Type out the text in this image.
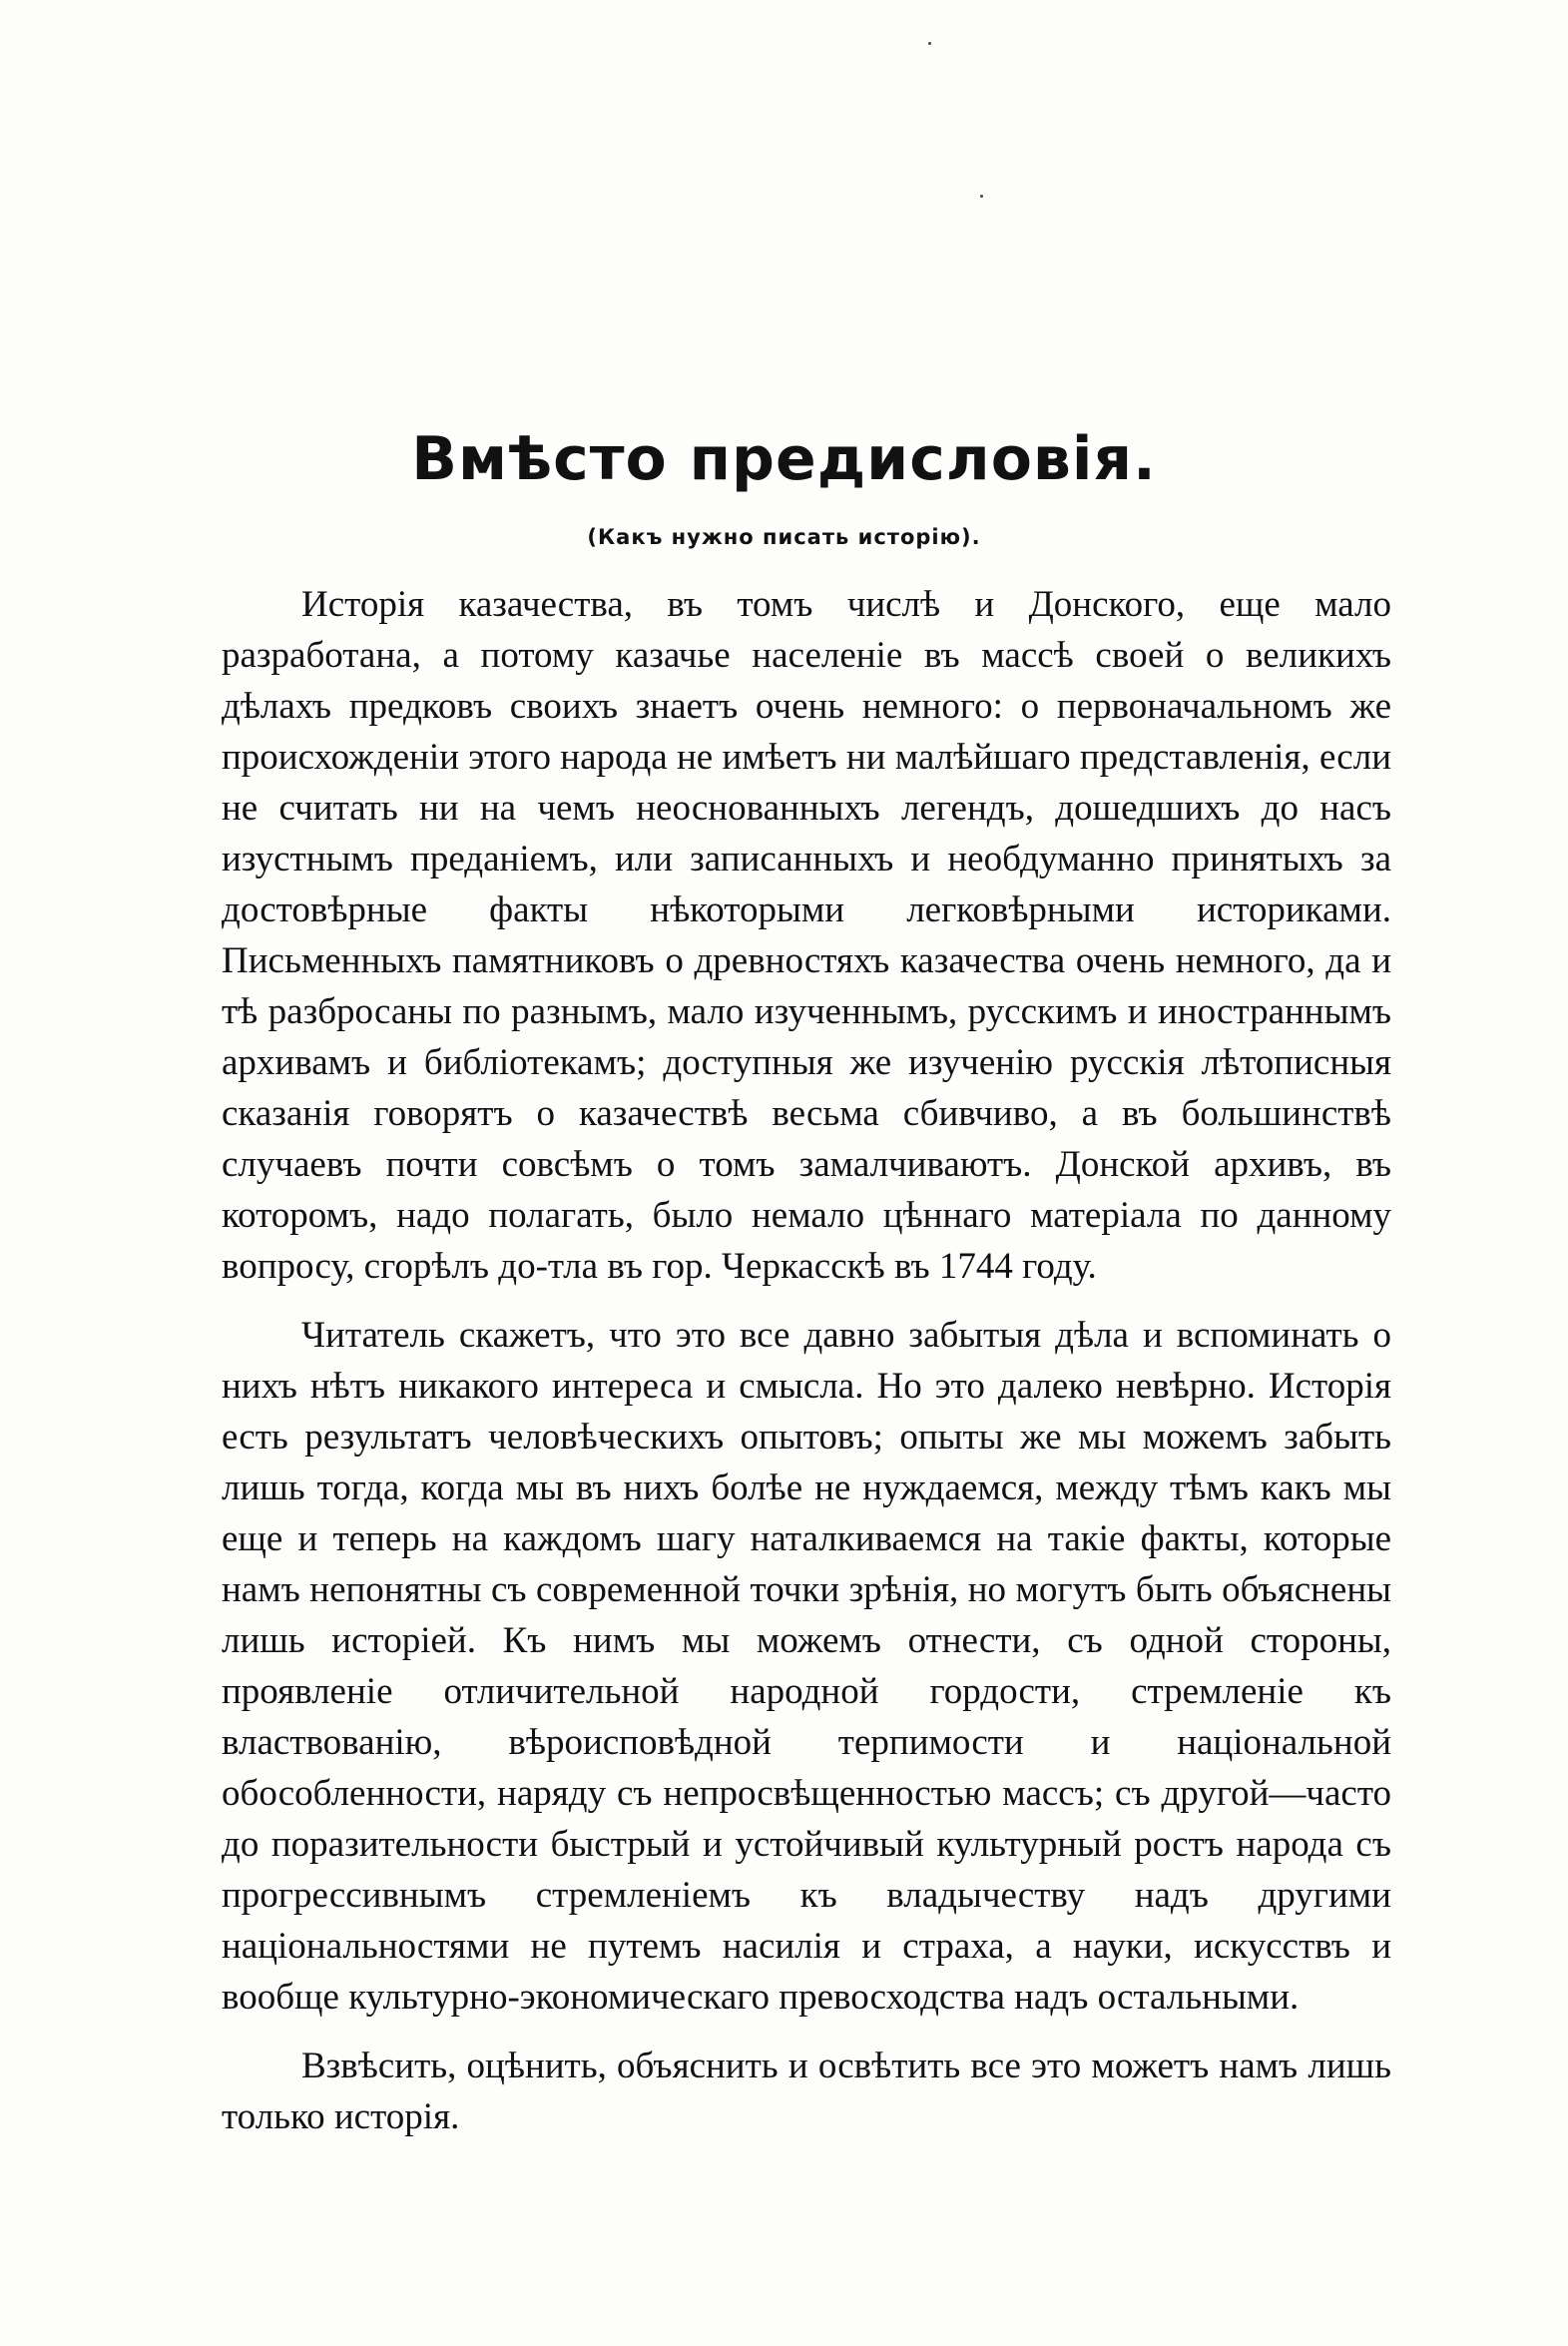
Вмѣсто предисловія.
(Какъ нужно писать исторію).

Исторія казачества, въ томъ числѣ и Донского, еще мало разработана, а потому казачье населеніе въ массѣ своей о великихъ дѣлахъ предковъ своихъ знаетъ очень немного: о первоначальномъ же происхожденіи этого народа не имѣетъ ни малѣйшаго представленія, если не считать ни на чемъ неоснованныхъ легендъ, дошедшихъ до насъ изустнымъ преданіемъ, или записанныхъ и необдуманно принятыхъ за достовѣрные факты нѣкоторыми легковѣрными историками. Письменныхъ памятниковъ о древностяхъ казачества очень немного, да и тѣ разбросаны по разнымъ, мало изученнымъ, русскимъ и иностраннымъ архивамъ и библіотекамъ; доступныя же изученію русскія лѣтописныя сказанія говорятъ о казачествѣ весьма сбивчиво, а въ большинствѣ случаевъ почти совсѣмъ о томъ замалчиваютъ. Донской архивъ, въ которомъ, надо полагать, было немало цѣннаго матеріала по данному вопросу, сгорѣлъ до-тла въ гор. Черкасскѣ въ 1744 году.

Читатель скажетъ, что это все давно забытыя дѣла и вспоминать о нихъ нѣтъ никакого интереса и смысла. Но это далеко невѣрно. Исторія есть результатъ человѣческихъ опытовъ; опыты же мы можемъ забыть лишь тогда, когда мы въ нихъ болѣе не нуждаемся, между тѣмъ какъ мы еще и теперь на каждомъ шагу наталкиваемся на такіе факты, которые намъ непонятны съ современной точки зрѣнія, но могутъ быть объяснены лишь исторіей. Къ нимъ мы можемъ отнести, съ одной стороны, проявленіе отличительной народной гордости, стремленіе къ властвованію, вѣроисповѣдной терпимости и національной обособленности, наряду съ непросвѣщенностью массъ; съ другой—часто до поразительности быстрый и устойчивый культурный ростъ народа съ прогрессивнымъ стремленіемъ къ владычеству надъ другими національностями не путемъ насилія и страха, а науки, искусствъ и вообще культурно-экономическаго превосходства надъ остальными.

Взвѣсить, оцѣнить, объяснить и освѣтить все это можетъ намъ лишь только исторія.
